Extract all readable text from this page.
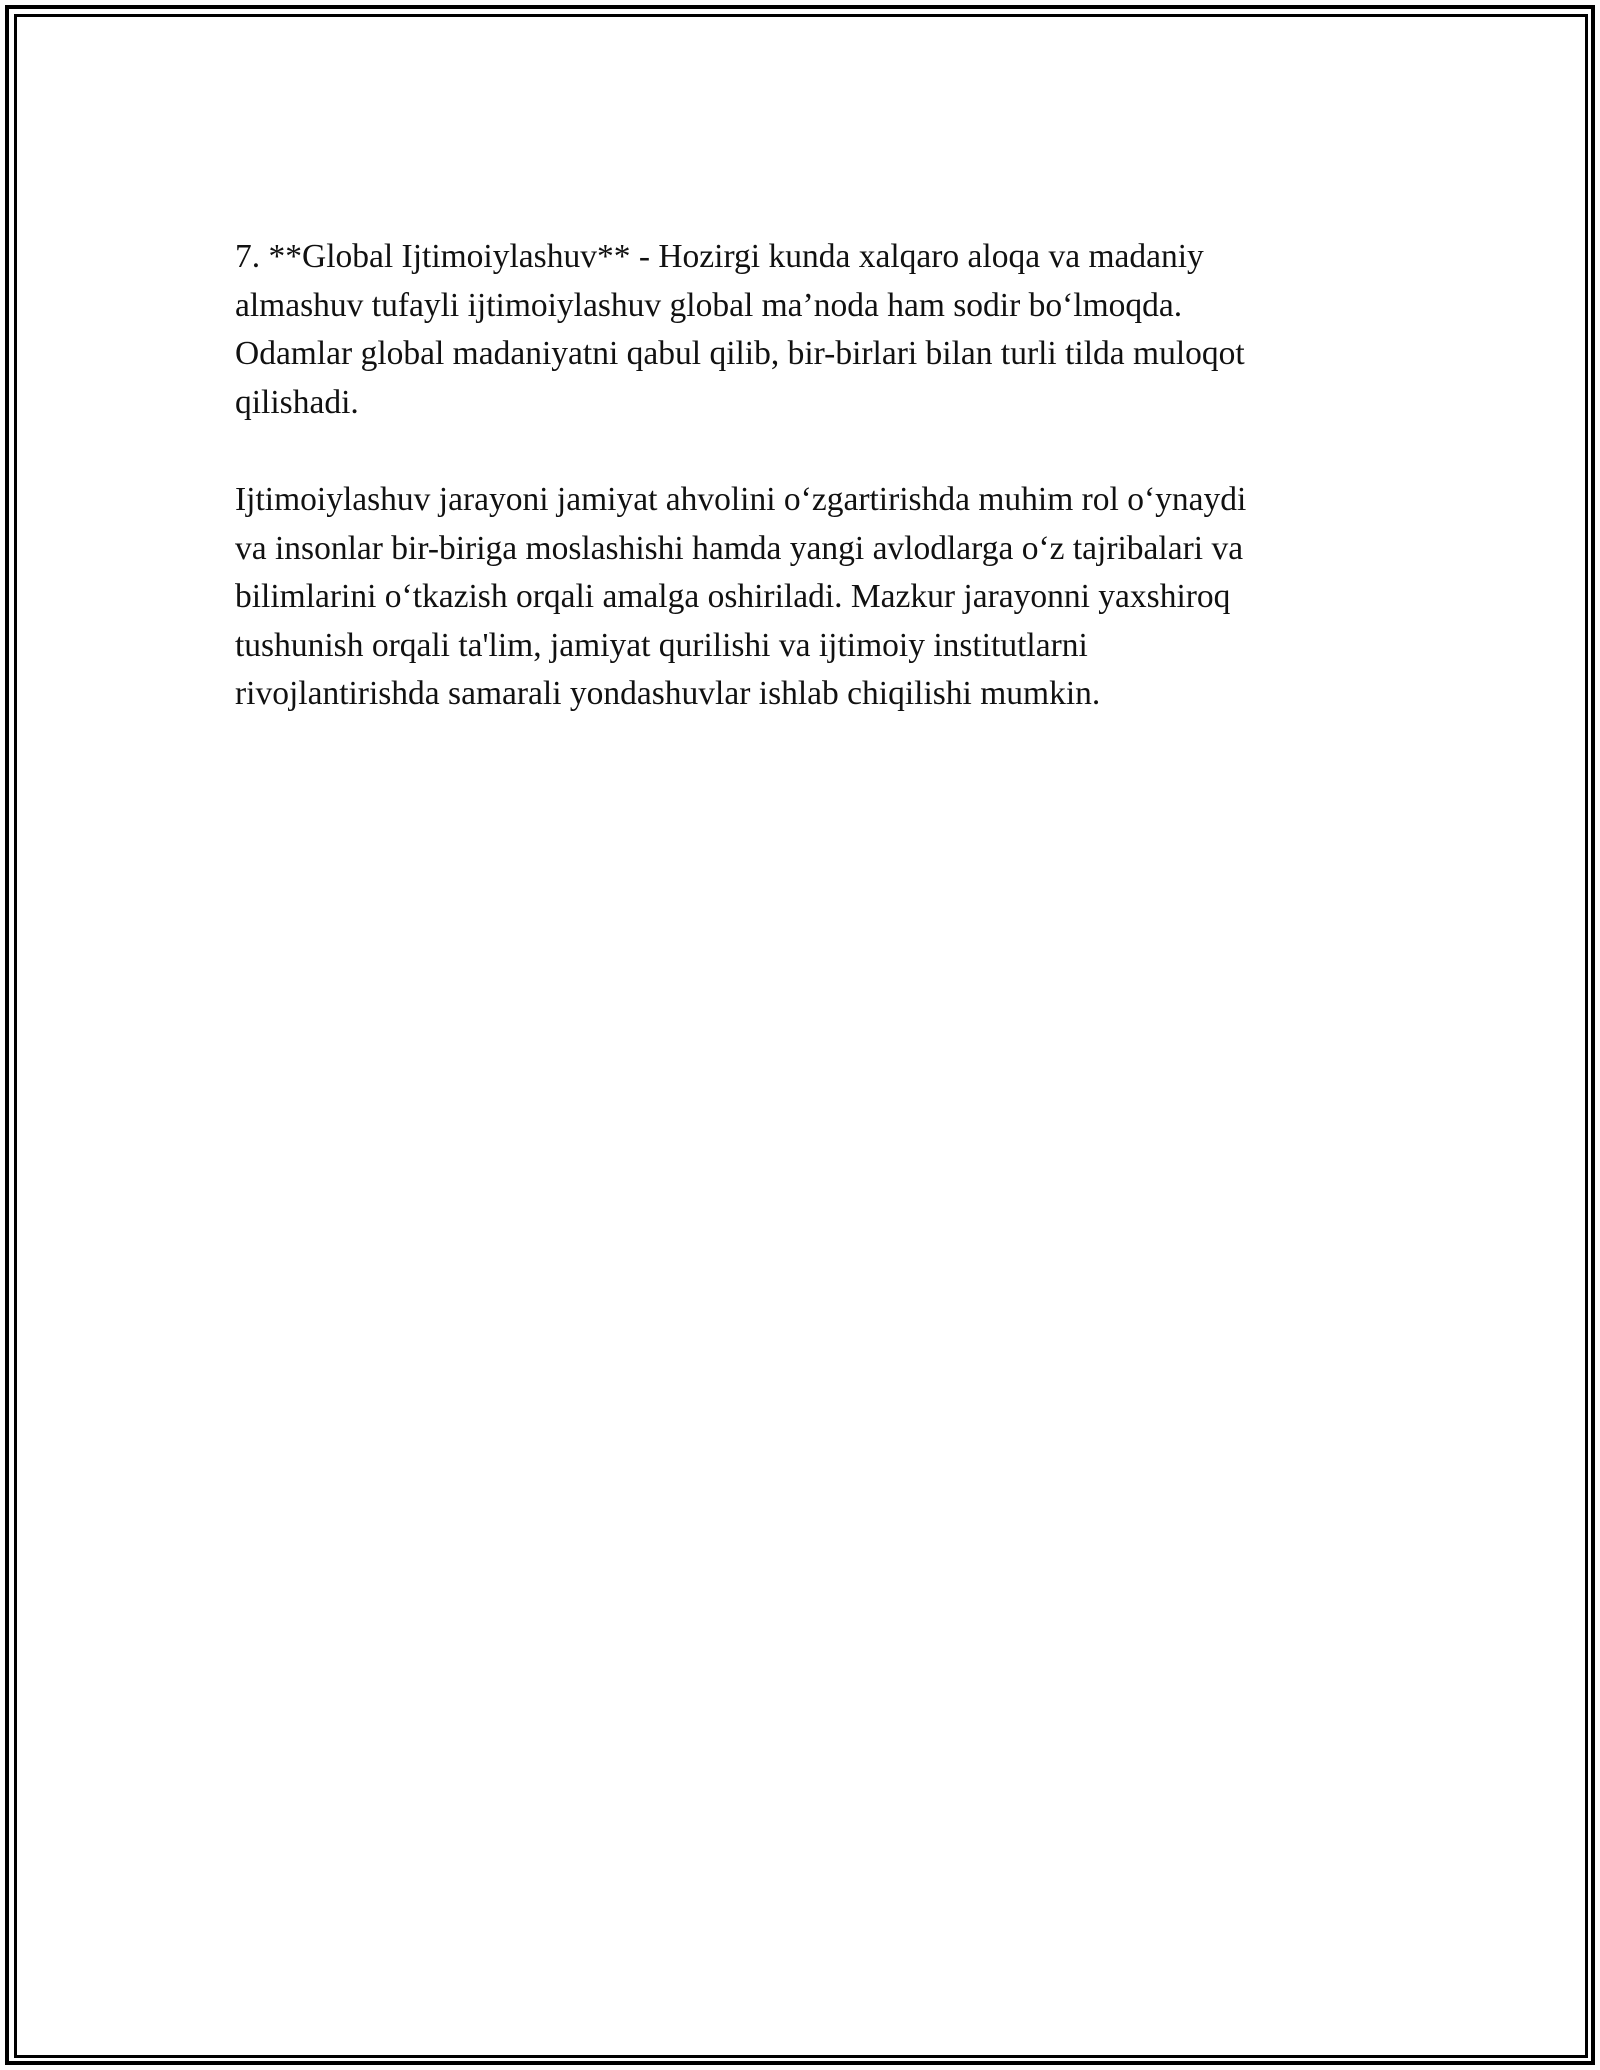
7. **Global Ijtimoiylashuv** - Hozirgi kunda xalqaro aloqa va madaniy
almashuv tufayli ijtimoiylashuv global ma’noda ham sodir bo‘lmoqda.
Odamlar global madaniyatni qabul qilib, bir-birlari bilan turli tilda muloqot
qilishadi.

Ijtimoiylashuv jarayoni jamiyat ahvolini o‘zgartirishda muhim rol o‘ynaydi
va insonlar bir-biriga moslashishi hamda yangi avlodlarga o‘z tajribalari va
bilimlarini o‘tkazish orqali amalga oshiriladi. Mazkur jarayonni yaxshiroq
tushunish orqali ta'lim, jamiyat qurilishi va ijtimoiy institutlarni
rivojlantirishda samarali yondashuvlar ishlab chiqilishi mumkin.
